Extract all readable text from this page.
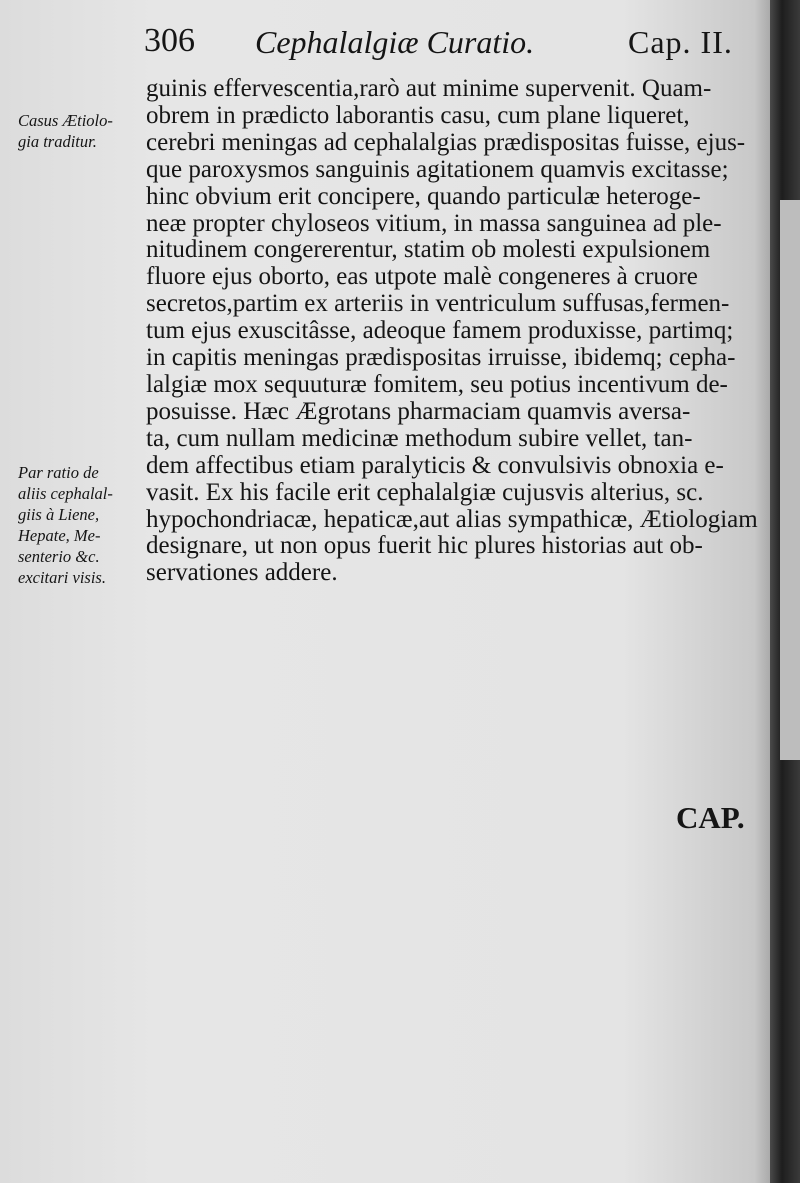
306 Cephalalgiæ Curatio.	Cap. II.
Casus Ætiolo-
gia traditur.
Par ratio de
aliis cephalal-
giis à Liene,
Hepate, Me-
senterio &c.
excitari visis.
guinis effervescentia,rarò aut minime supervenit. Quam-
obrem in prædicto laborantis casu, cum plane liqueret,
cerebri meningas ad cephalalgias prædispositas fuisse, ejus-
que paroxysmos sanguinis agitationem quamvis excitasse;
hinc obvium erit concipere, quando particulæ heteroge-
neæ propter chyloseos vitium, in massa sanguinea ad ple-
nitudinem congererentur, statim ob molesti expulsionem
fluore ejus oborto, eas utpote malè congeneres à cruore
secretos,partim ex arteriis in ventriculum suffusas,fermen-
tum ejus exuscitâsse, adeoque famem produxisse, partimq;
in capitis meningas prædispositas irruisse, ibidemq; cepha-
lalgiæ mox sequuturæ fomitem, seu potius incentivum de-
posuisse. Hæc Ægrotans pharmaciam quamvis aversa-
ta, cum nullam medicinæ methodum subire vellet, tan-
dem affectibus etiam paralyticis & convulsivis obnoxia e-
vasit. Ex his facile erit cephalalgiæ cujusvis alterius, sc.
hypochondriacæ, hepaticæ,aut alias sympathicæ, Ætiologiam
designare, ut non opus fuerit hic plures historias aut ob-
servationes addere.
CAP.
